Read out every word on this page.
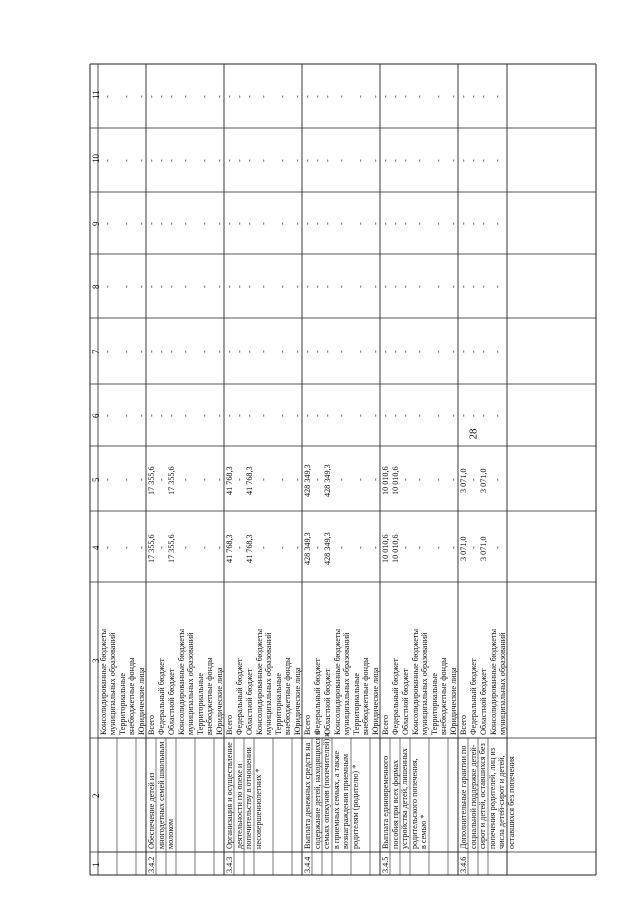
28
1
2
3
4
5
6
7
8
9
10
11
Консолидированные бюджеты муниципальных образований
-
-
-
-
-
-
-
-
Территориальные внебюджетные фонды
-
-
-
-
-
-
-
-
Юридические лица
-
-
-
-
-
-
-
-
Всего
17 355,6
17 355,6
-
-
-
-
-
-
Федеральный бюджет
-
-
-
-
-
-
-
-
Областной бюджет
17 355,6
17 355,6
-
-
-
-
-
-
Консолидированные бюджеты муниципальных образований
-
-
-
-
-
-
-
-
Территориальные внебюджетные фонды
-
-
-
-
-
-
-
-
Юридические лица
-
-
-
-
-
-
-
-
3.4.2
Обеспечение детей из многодетных семей школьным молоком
Всего
41 768,3
41 768,3
-
-
-
-
-
-
Федеральный бюджет
-
-
-
-
-
-
-
-
Областной бюджет
41 768,3
41 768,3
-
-
-
-
-
-
Консолидированные бюджеты муниципальных образований
-
-
-
-
-
-
-
-
Территориальные внебюджетные фонды
-
-
-
-
-
-
-
-
Юридические лица
-
-
-
-
-
-
-
-
3.4.3
Организация и осуществление деятельности по опеке и попечительству в отношении несовершеннолетних *
Всего
428 349,3
428 349,3
-
-
-
-
-
-
Федеральный бюджет
-
-
-
-
-
-
-
-
Областной бюджет
428 349,3
428 349,3
-
-
-
-
-
-
Консолидированные бюджеты муниципальных образований
-
-
-
-
-
-
-
-
Территориальные внебюджетные фонды
-
-
-
-
-
-
-
-
Юридические лица
-
-
-
-
-
-
-
-
3.4.4
Выплата денежных средств на содержание детей, находящихся в семьях опекунов (попечителей) и в приемных семьях, а также вознаграждения приемным родителям (родителю) *
Всего
10 010,6
10 010,6
-
-
-
-
-
-
Федеральный бюджет
10 010,6
10 010,6
-
-
-
-
-
-
Областной бюджет
-
-
-
-
-
-
-
-
Консолидированные бюджеты муниципальных образований
-
-
-
-
-
-
-
-
Территориальные внебюджетные фонды
-
-
-
-
-
-
-
-
Юридические лица
-
-
-
-
-
-
-
-
3.4.5
Выплата единовременного пособия при всех формах устройства детей, лишенных родительского попечения, в семью *
Всего
3 071,0
3 071,0
-
-
-
-
-
-
Федеральный бюджет
-
-
-
-
-
-
-
-
Областной бюджет
3 071,0
3 071,0
-
-
-
-
-
-
Консолидированные бюджеты муниципальных образований
-
-
-
-
-
-
-
-
3.4.6
Дополнительные гарантии по социальной поддержке детей- сирот и детей, оставшихся без попечения родителей, лиц из числа детей-сирот и детей, оставшихся без попечения
